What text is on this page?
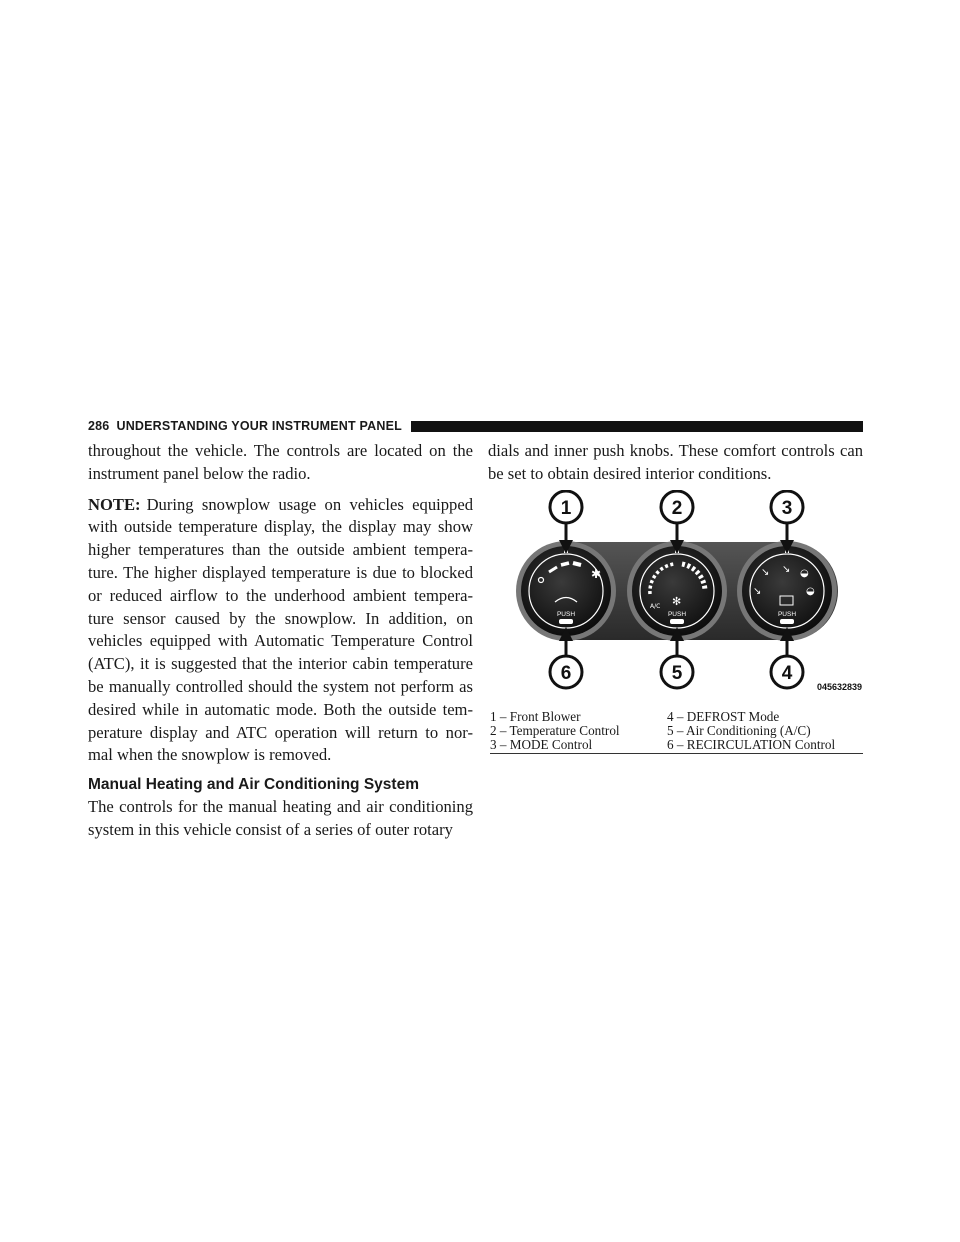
286 UNDERSTANDING YOUR INSTRUMENT PANEL

throughout the vehicle. The controls are located on the instrument panel below the radio.

NOTE: During snowplow usage on vehicles equipped with outside temperature display, the display may show higher temperatures than the outside ambient tempera- ture. The higher displayed temperature is due to blocked or reduced airflow to the underhood ambient tempera- ture sensor caused by the snowplow. In addition, on vehicles equipped with Automatic Temperature Control (ATC), it is suggested that the interior cabin temperature be manually controlled should the system not perform as desired while in automatic mode. Both the outside tem- perature display and ATC operation will return to nor- mal when the snowplow is removed.

Manual Heating and Air Conditioning System

The controls for the manual heating and air conditioning system in this vehicle consist of a series of outer rotary

dials and inner push knobs. These comfort controls can be set to obtain desired interior conditions.

✱
A/C ✻
↘
↘ ↘ ◒
◒
PUSH	PUSH	PUSH
1	2	3
6	5	4
045632839
1 – Front Blower	4 – DEFROST Mode
2 – Temperature Control	5 – Air Conditioning (A/C)
3 – MODE Control	6 – RECIRCULATION Control
